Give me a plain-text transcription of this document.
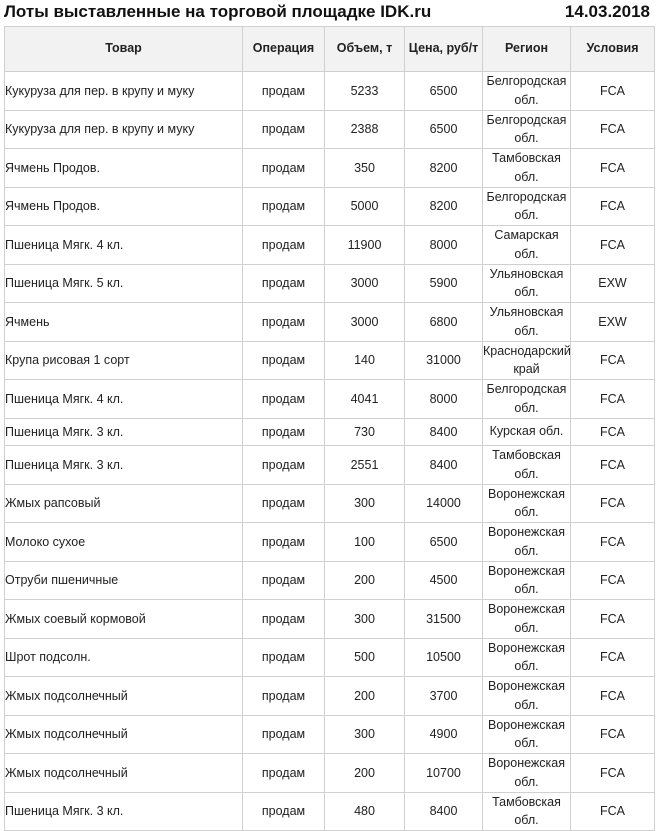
Лоты выставленные на торговой площадке IDK.ru	14.03.2018
Товар	Операция	Объем, т	Цена, руб/т	Регион	Условия
Кукуруза для пер. в крупу и муку	продам	5233	6500	Белгородская обл.	FCA
Кукуруза для пер. в крупу и муку	продам	2388	6500	Белгородская обл.	FCA
Ячмень Продов.	продам	350	8200	Тамбовская обл.	FCA
Ячмень Продов.	продам	5000	8200	Белгородская обл.	FCA
Пшеница Мягк. 4 кл.	продам	11900	8000	Самарская обл.	FCA
Пшеница Мягк. 5 кл.	продам	3000	5900	Ульяновская обл.	EXW
Ячмень	продам	3000	6800	Ульяновская обл.	EXW
Крупа рисовая 1 сорт	продам	140	31000	Краснодарский край	FCA
Пшеница Мягк. 4 кл.	продам	4041	8000	Белгородская обл.	FCA
Пшеница Мягк. 3 кл.	продам	730	8400	Курская обл.	FCA
Пшеница Мягк. 3 кл.	продам	2551	8400	Тамбовская обл.	FCA
Жмых рапсовый	продам	300	14000	Воронежская обл.	FCA
Молоко сухое	продам	100	6500	Воронежская обл.	FCA
Отруби пшеничные	продам	200	4500	Воронежская обл.	FCA
Жмых соевый кормовой	продам	300	31500	Воронежская обл.	FCA
Шрот подсолн.	продам	500	10500	Воронежская обл.	FCA
Жмых подсолнечный	продам	200	3700	Воронежская обл.	FCA
Жмых подсолнечный	продам	300	4900	Воронежская обл.	FCA
Жмых подсолнечный	продам	200	10700	Воронежская обл.	FCA
Пшеница Мягк. 3 кл.	продам	480	8400	Тамбовская обл.	FCA
